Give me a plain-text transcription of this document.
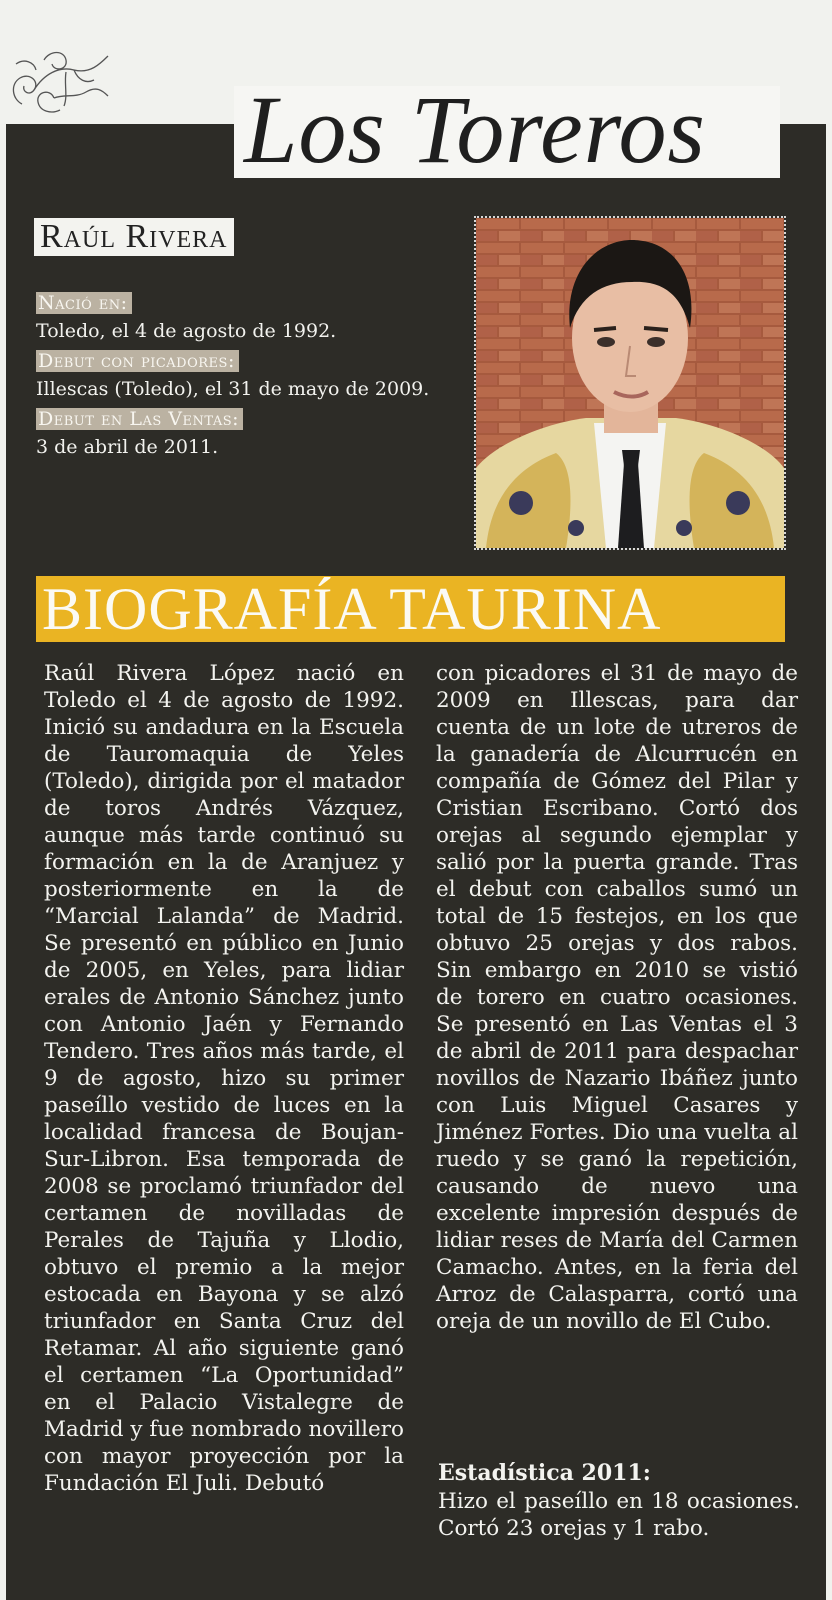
Los Toreros
Raúl Rivera
Nació en:
Toledo, el 4 de agosto de 1992.
Debut con picadores:
Illescas (Toledo), el 31 de mayo de 2009.
Debut en Las Ventas:
3 de abril de 2011.
BIOGRAFÍA TAURINA

Raúl Rivera López nació en Toledo el 4 de agosto de 1992. Inició su andadura en la Escuela de Tauromaquia de Yeles (Toledo), dirigida por el matador de toros Andrés Vázquez, aunque más tarde continuó su formación en la de Aranjuez y posteriormente en la de “Marcial Lalanda” de Madrid. Se presentó en público en Junio de 2005, en Yeles, para lidiar erales de Antonio Sánchez junto con Antonio Jaén y Fernando Tendero. Tres años más tarde, el 9 de agosto, hizo su primer paseíllo vestido de luces en la localidad francesa de Boujan-Sur-Libron. Esa temporada de 2008 se proclamó triunfador del certamen de novilladas de Perales de Tajuña y Llodio, obtuvo el premio a la mejor estocada en Bayona y se alzó triunfador en Santa Cruz del Retamar. Al año siguiente ganó el certamen “La Oportunidad” en el Palacio Vistalegre de Madrid y fue nombrado novillero con mayor proyección por la Fundación El Juli. Debutó

con picadores el 31 de mayo de 2009 en Illescas, para dar cuenta de un lote de utreros de la ganadería de Alcurrucén en compañía de Gómez del Pilar y Cristian Escribano. Cortó dos orejas al segundo ejemplar y salió por la puerta grande. Tras el debut con caballos sumó un total de 15 festejos, en los que obtuvo 25 orejas y dos rabos. Sin embargo en 2010 se vistió de torero en cuatro ocasiones. Se presentó en Las Ventas el 3 de abril de 2011 para despachar novillos de Nazario Ibáñez junto con Luis Miguel Casares y Jiménez Fortes. Dio una vuelta al ruedo y se ganó la repetición, causando de nuevo una excelente impresión después de lidiar reses de María del Carmen Camacho. Antes, en la feria del Arroz de Calasparra, cortó una oreja de un novillo de El Cubo.

Estadística 2011:

Hizo el paseíllo en 18 ocasiones. Cortó 23 orejas y 1 rabo.
